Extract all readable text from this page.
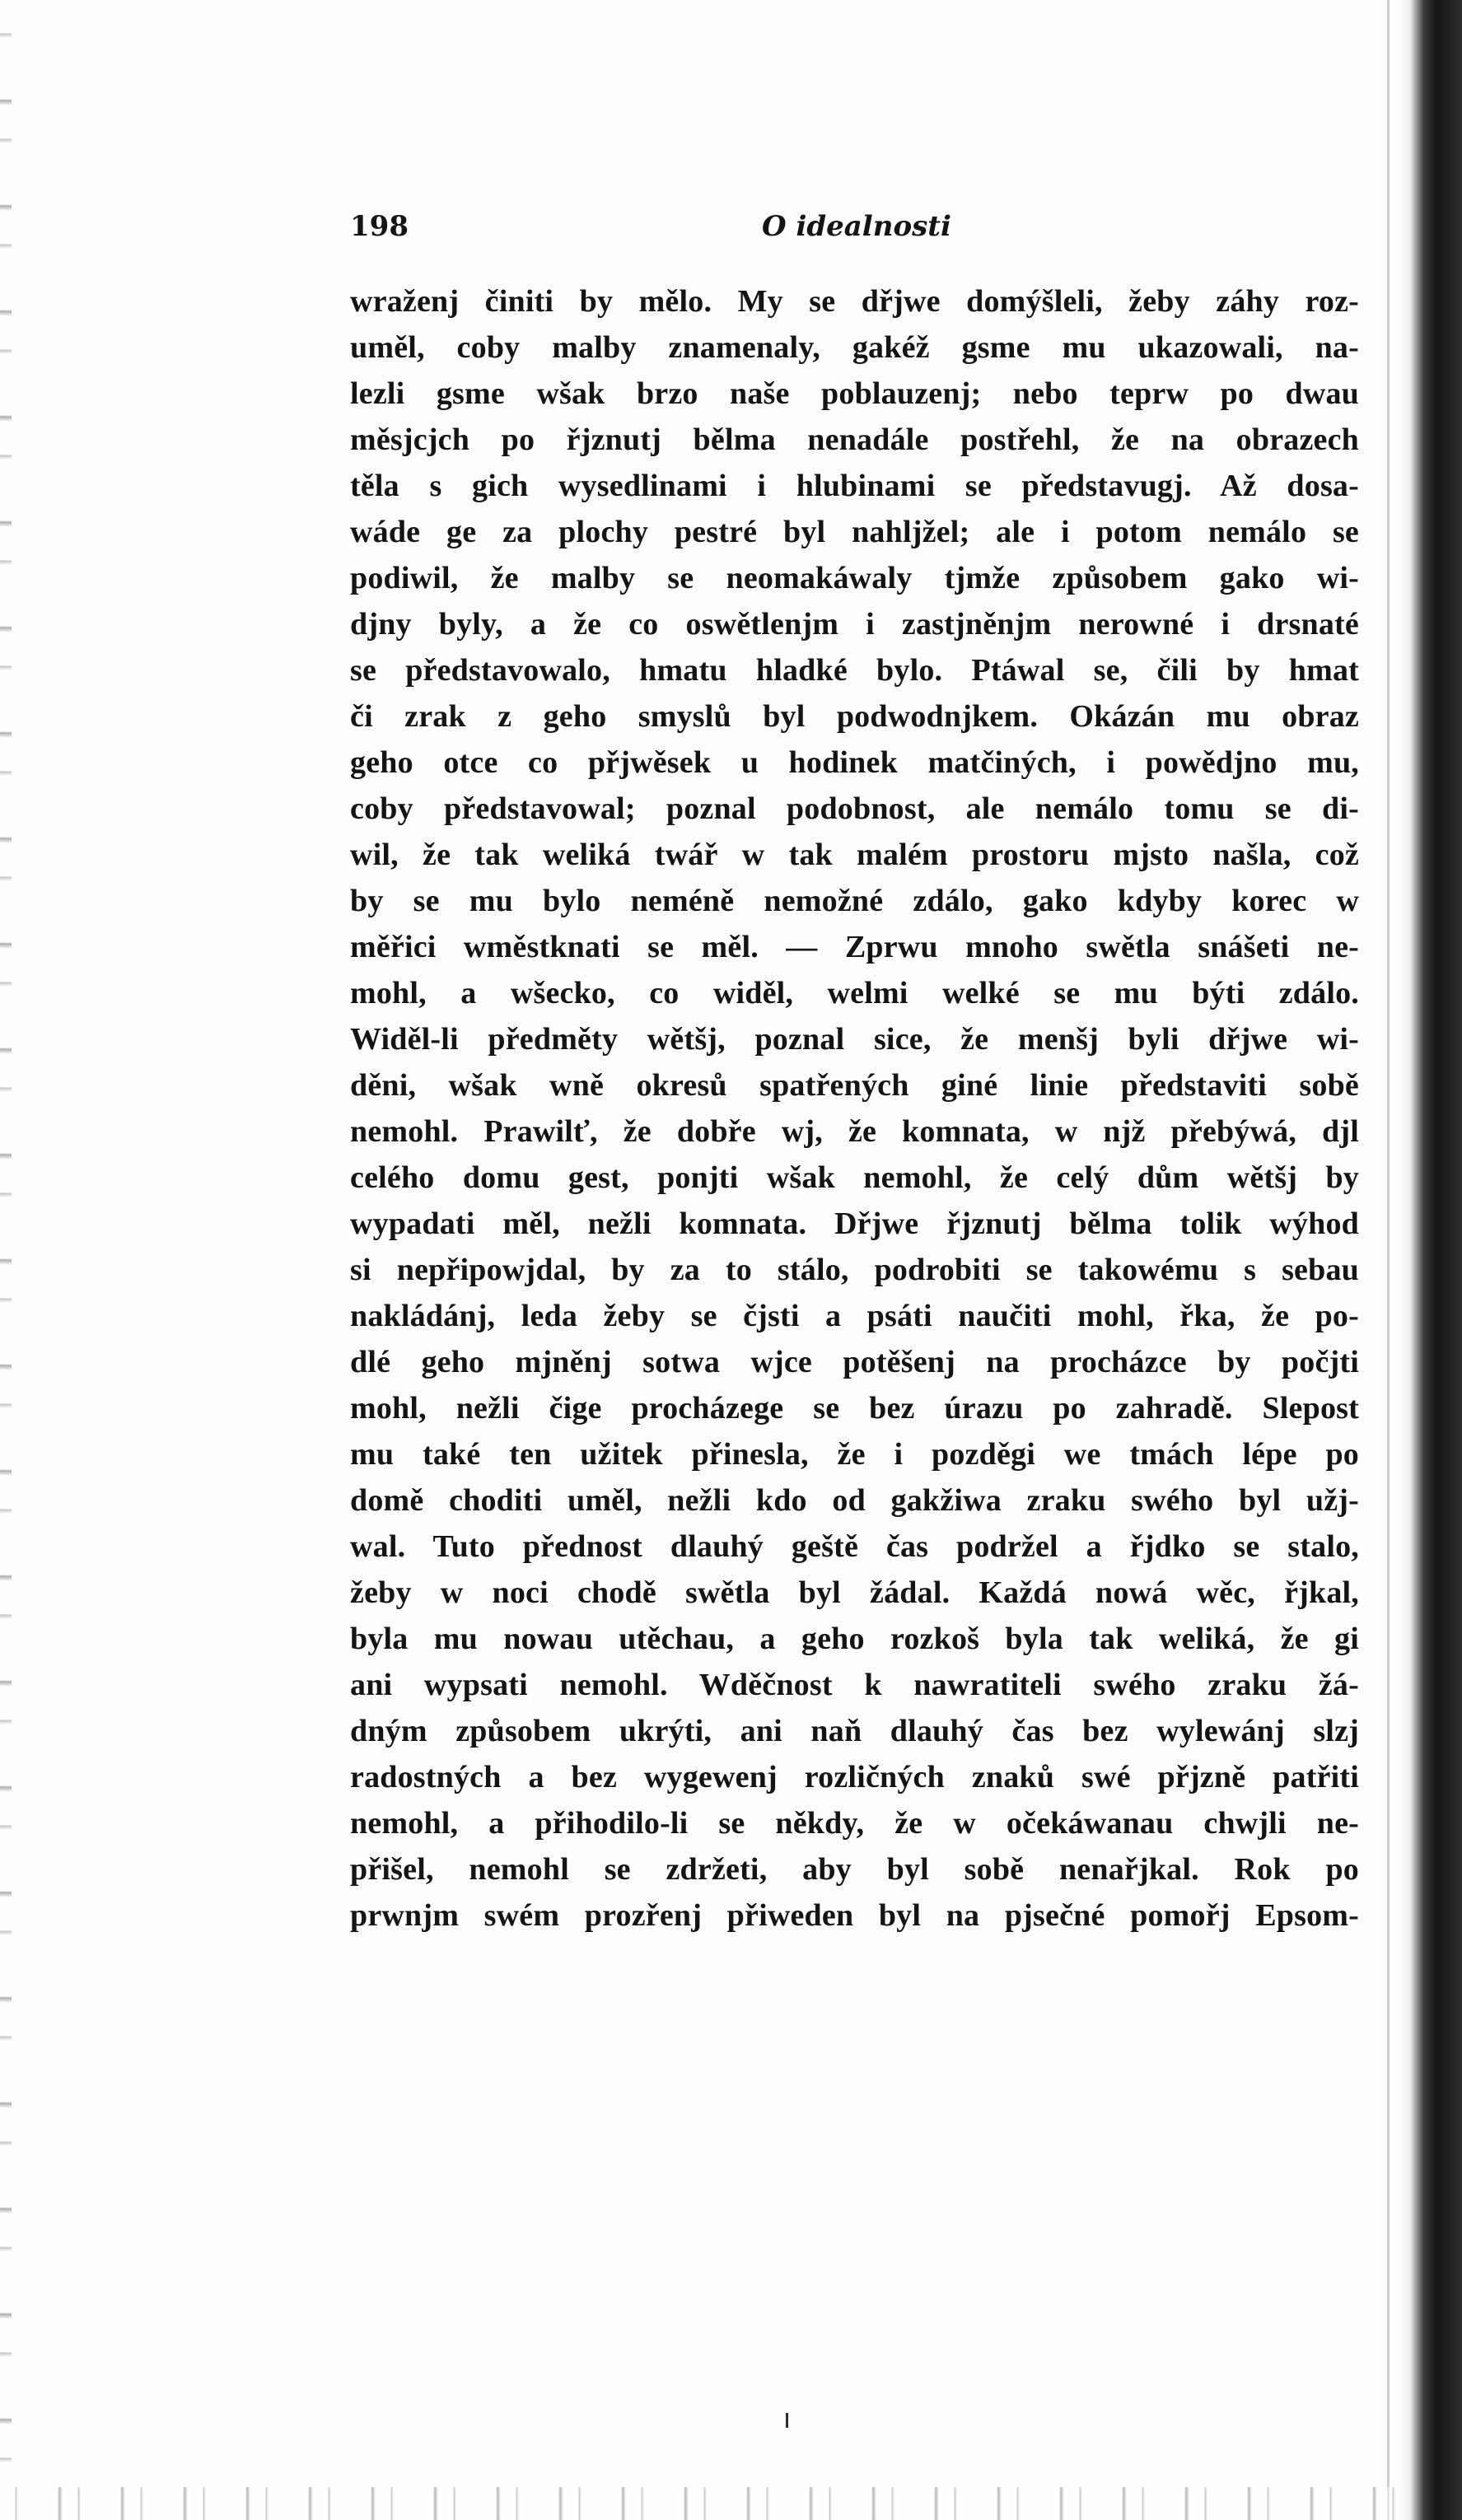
198	O idealnosti
wraženj činiti by mělo. My se dřjwe domýšleli, žeby záhy roz-
uměl, coby malby znamenaly, gakéž gsme mu ukazowali, na-
lezli gsme wšak brzo naše poblauzenj; nebo teprw po dwau
měsjcjch po řjznutj bělma nenadále postřehl, že na obrazech
těla s gich wysedlinami i hlubinami se představugj. Až dosa-
wáde ge za plochy pestré byl nahljžel; ale i potom nemálo se
podiwil, že malby se neomakáwaly tjmže způsobem gako wi-
djny byly, a že co oswětlenjm i zastjněnjm nerowné i drsnaté
se představowalo, hmatu hladké bylo. Ptáwal se, čili by hmat
či zrak z geho smyslů byl podwodnjkem. Okázán mu obraz
geho otce co přjwěsek u hodinek matčiných, i powědjno mu,
coby představowal; poznal podobnost, ale nemálo tomu se di-
wil, že tak weliká twář w tak malém prostoru mjsto našla, což
by se mu bylo neméně nemožné zdálo, gako kdyby korec w
měřici wměstknati se měl. — Zprwu mnoho swětla snášeti ne-
mohl, a wšecko, co widěl, welmi welké se mu býti zdálo.
Widěl-li předměty wětšj, poznal sice, že menšj byli dřjwe wi-
děni, wšak wně okresů spatřených giné linie představiti sobě
nemohl. Prawilť, že dobře wj, že komnata, w njž přebýwá, djl
celého domu gest, ponjti wšak nemohl, že celý dům wětšj by
wypadati měl, nežli komnata. Dřjwe řjznutj bělma tolik wýhod
si nepřipowjdal, by za to stálo, podrobiti se takowému s sebau
nakládánj, leda žeby se čjsti a psáti naučiti mohl, řka, že po-
dlé geho mjněnj sotwa wjce potěšenj na procházce by počjti
mohl, nežli čige procházege se bez úrazu po zahradě. Slepost
mu také ten užitek přinesla, že i pozděgi we tmách lépe po
domě choditi uměl, nežli kdo od gakžiwa zraku swého byl užj-
wal. Tuto přednost dlauhý geště čas podržel a řjdko se stalo,
žeby w noci chodě swětla byl žádal. Každá nowá wěc, řjkal,
byla mu nowau utěchau, a geho rozkoš byla tak weliká, že gi
ani wypsati nemohl. Wděčnost k nawratiteli swého zraku žá-
dným způsobem ukrýti, ani naň dlauhý čas bez wylewánj slzj
radostných a bez wygewenj rozličných znaků swé přjzně patřiti
nemohl, a přihodilo-li se někdy, že w očekáwanau chwjli ne-
přišel, nemohl se zdržeti, aby byl sobě nenařjkal. Rok po
prwnjm swém prozřenj přiweden byl na pjsečné pomořj Epsom-
